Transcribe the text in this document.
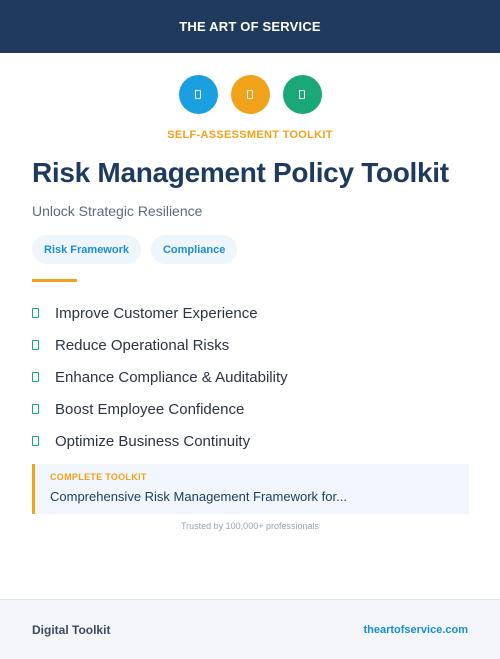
THE ART OF SERVICE
SELF-ASSESSMENT TOOLKIT
Risk Management Policy Toolkit
Unlock Strategic Resilience
Risk Framework	Compliance
Improve Customer Experience
Reduce Operational Risks
Enhance Compliance & Auditability
Boost Employee Confidence
Optimize Business Continuity
COMPLETE TOOLKIT
Comprehensive Risk Management Framework for...
Trusted by 100,000+ professionals
Digital Toolkit	theartofservice.com
